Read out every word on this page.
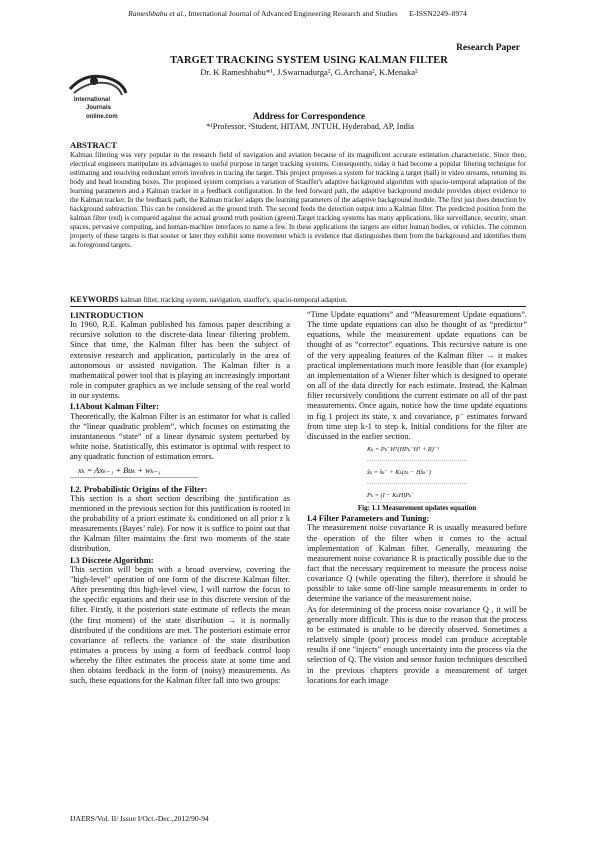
Rameshbabu et al., International Journal of Advanced Engineering Research and Studies E-ISSN2249–8974
Research Paper
TARGET TRACKING SYSTEM USING KALMAN FILTER
Dr. K Rameshbabu*¹, J.Swarnadurga², G.Archana², K.Menaka²
International
Journals
online.com	Address for Correspondence
*¹Professor, ²Student, HITAM, JNTUH, Hyderabad, AP, India
ABSTRACT
Kalman filtering was very popular in the research field of navigation and aviation because of its magnificent accurate estimation characteristic. Since then, electrical engineers manipulate its advantages to useful purpose in target tracking systems. Consequently, today it had become a popular filtering technique for estimating and resolving redundant errors involves in tracing the target. This project proposes a system for tracking a target (ball) in video streams, returning its body and head bounding boxes. The proposed system comprises a variation of Stauffer's adaptive background algorithm with spacio-temporal adaptation of the learning parameters and a Kalman tracker in a feedback configuration. In the feed forward path, the adaptive background module provides object evidence to the Kalman tracker. In the feedback path, the Kalman tracker adapts the learning parameters of the adaptive background module. The first just does detection by background subtraction. This can be considered as the ground truth. The second feeds the detection output into a Kalman filter. The predicted position from the kalman filter (red) is compared against the actual ground truth position (green).Target tracking systems has many applications, like surveillance, security, smart spaces, pervasive computing, and human-machine interfaces to name a few. In these applications the targets are either human bodies, or vehicles. The common property of these targets is that sooner or later they exhibit some movement which is evidence that distinguishes them from the background and identifies them as foreground targets.
KEYWORDS kalman filter, tracking system, navigation, stauffer's, spacio-temporal adaption.

I.INTRODUCTION

In 1960, R.E. Kalman published his famous paper describing a recursive solution to the discrete-data linear filtering problem. Since that time, the Kalman filter has been the subject of extensive research and application, particularly in the area of autonomous or assisted navigation. The Kalman filter is a mathematical power tool that is playing an increasingly important role in computer graphics as we include sensing of the real world in our systems.

I.1About Kalman Filter:

Theoretically, the Kalman Filter is an estimator for what is called the “linear quadratic problem”, which focuses on estimating the instantaneous “state” of a linear dynamic system perturbed by white noise. Statistically, this estimator is optimal with respect to any quadratic function of estimation errors.

xₖ = Axₖ₋₁ + Buₖ + wₖ₋₁

I.2. Probabilistic Origins of the Filter:

This section is a short section describing the justification as mentioned in the previous section for this justification is rooted in the probability of a priori estimate x̂ₖ conditioned on all prior z k measurements (Bayes’ rule). For now it is suffice to point out that the Kalman filter maintains the first two moments of the state distribution,

I.3 Discrete Algorithm:

This section will begin with a broad overview, covering the "high-level" operation of one form of the discrete Kalman filter. After presenting this high-level view, I will narrow the focus to the specific equations and their use in this discrete version of the filter. Firstly, it the posteriori state estimate of reflects the mean (the first moment) of the state distribution → it is normally distributed if the conditions are met. The posteriori estimate error covariance of reflects the variance of the state distribution estimates a process by using a form of feedback control loop whereby the filter estimates the process state at some time and then obtains feedback in the form of (noisy) measurements. As such, these equations for the Kalman filter fall into two groups:

“Time Update equations” and “Measurement Update equations”. The time update equations can also be thought of as “predictor” equations, while the measurement update equations can be thought of as “corrector” equations. This recursive nature is one of the very appealing features of the Kalman filter → it makes practical implementations much more feasible than (for example) an implementation of a Wiener filter which is designed to operate on all of the data directly for each estimate. Instead, the Kalman filter recursively conditions the current estimate on all of the past measurements. Once again, notice how the time update equations in fig 1 project its state, x and covariance, p⁻ estimates forward from time step k-1 to step k. Initial conditions for the filter are discussed in the earlier section.

Kₖ = Pₖ⁻Hᵀ(HPₖ⁻Hᵀ + R)⁻¹
x̂ₖ = x̂ₖ⁻ + Kₖ(zₖ − Hx̂ₖ⁻)
Pₖ = (I − KₖH)Pₖ⁻

Fig: 1.1 Measurement updates equation

I.4 Filter Parameters and Tuning:

The measurement noise covariance R is usually measured before the operation of the filter when it comes to the actual implementation of Kalman filter. Generally, measuring the measurement noise covariance R is practically possible due to the fact that the necessary requirement to measure the process noise covariance Q (while operating the filter), therefore it should be possible to take some off-line sample measurements in order to determine the variance of the measurement noise.

As for determining of the process noise covariance Q , it will be generally more difficult. This is due to the reason that the process to be estimated is unable to be directly observed. Sometimes a relatively simple (poor) process model can produce acceptable results if one "injects" enough uncertainty into the process via the selection of Q. The vision and sensor fusion techniques described in the previous chapters provide a measurement of target locations for each image

IJAERS/Vol. II/ Issue I/Oct.-Dec.,2012/90-94
